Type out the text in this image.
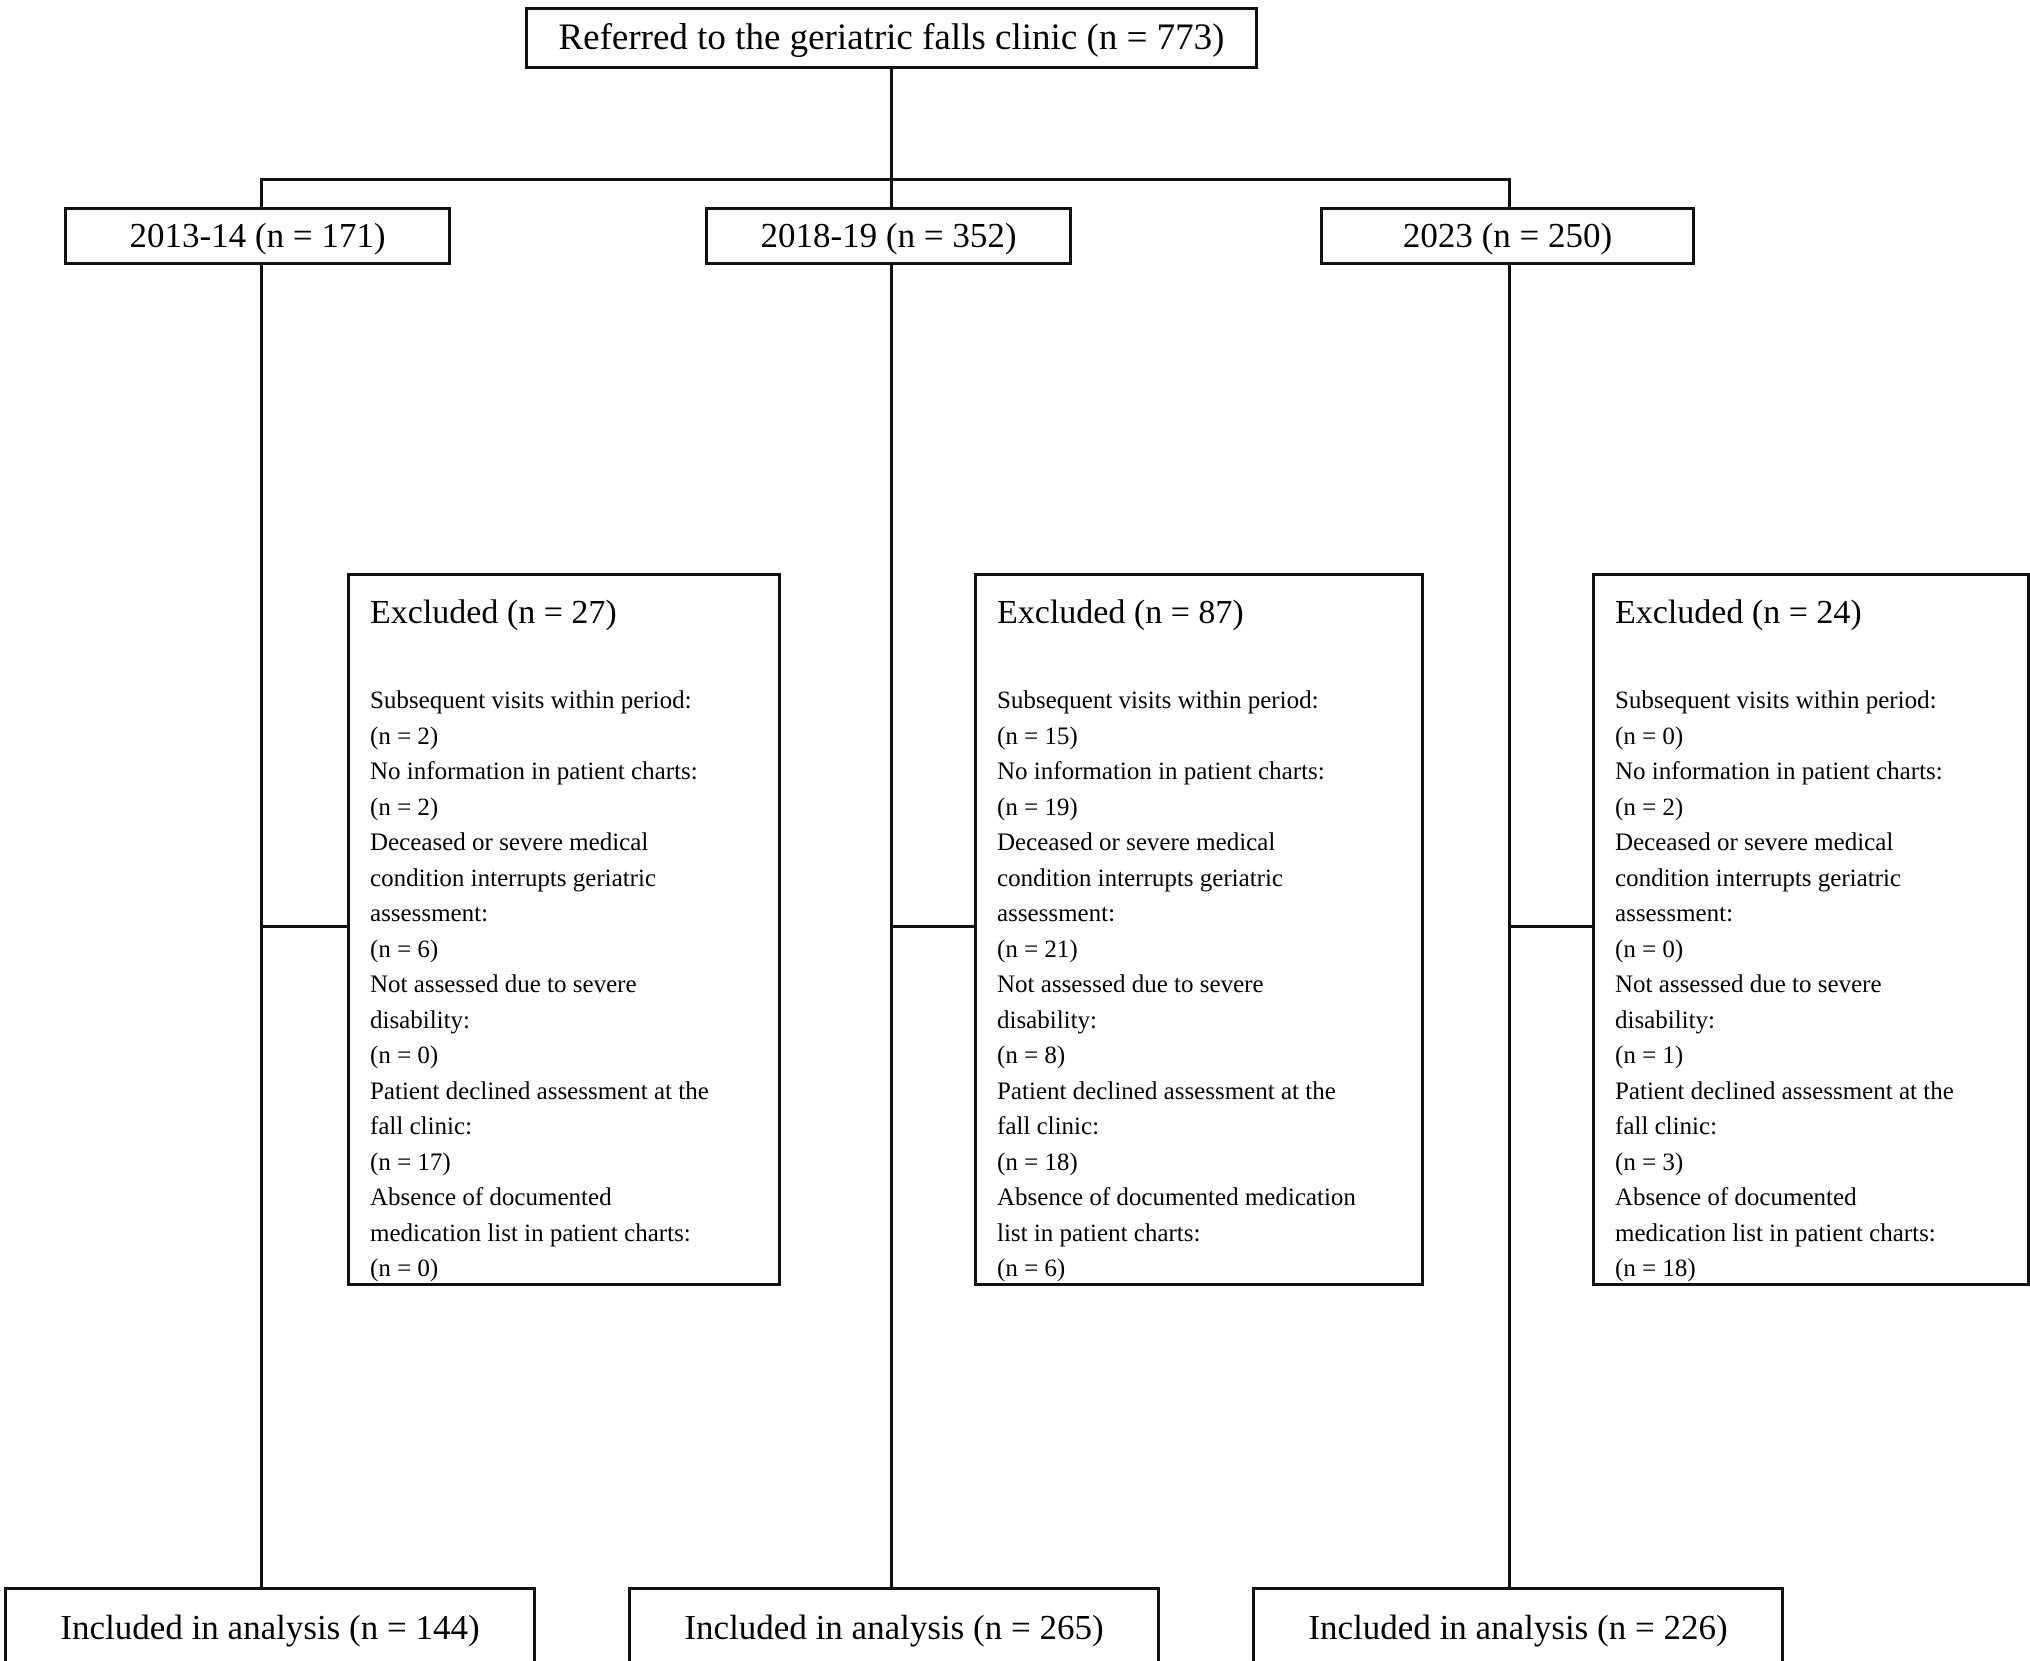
Referred to the geriatric falls clinic (n = 773)
2013-14 (n = 171)	2018-19 (n = 352)	2023 (n = 250)
Excluded (n = 27)
Subsequent visits within period:
(n = 2)
No information in patient charts:
(n = 2)
Deceased or severe medical
condition interrupts geriatric
assessment:
(n = 6)
Not assessed due to severe
disability:
(n = 0)
Patient declined assessment at the
fall clinic:
(n = 17)
Absence of documented
medication list in patient charts:
(n = 0)
Excluded (n = 87)
Subsequent visits within period:
(n = 15)
No information in patient charts:
(n = 19)
Deceased or severe medical
condition interrupts geriatric
assessment:
(n = 21)
Not assessed due to severe
disability:
(n = 8)
Patient declined assessment at the
fall clinic:
(n = 18)
Absence of documented medication
list in patient charts:
(n = 6)
Excluded (n = 24)
Subsequent visits within period:
(n = 0)
No information in patient charts:
(n = 2)
Deceased or severe medical
condition interrupts geriatric
assessment:
(n = 0)
Not assessed due to severe
disability:
(n = 1)
Patient declined assessment at the
fall clinic:
(n = 3)
Absence of documented
medication list in patient charts:
(n = 18)
Included in analysis (n = 144)	Included in analysis (n = 265)	Included in analysis (n = 226)
